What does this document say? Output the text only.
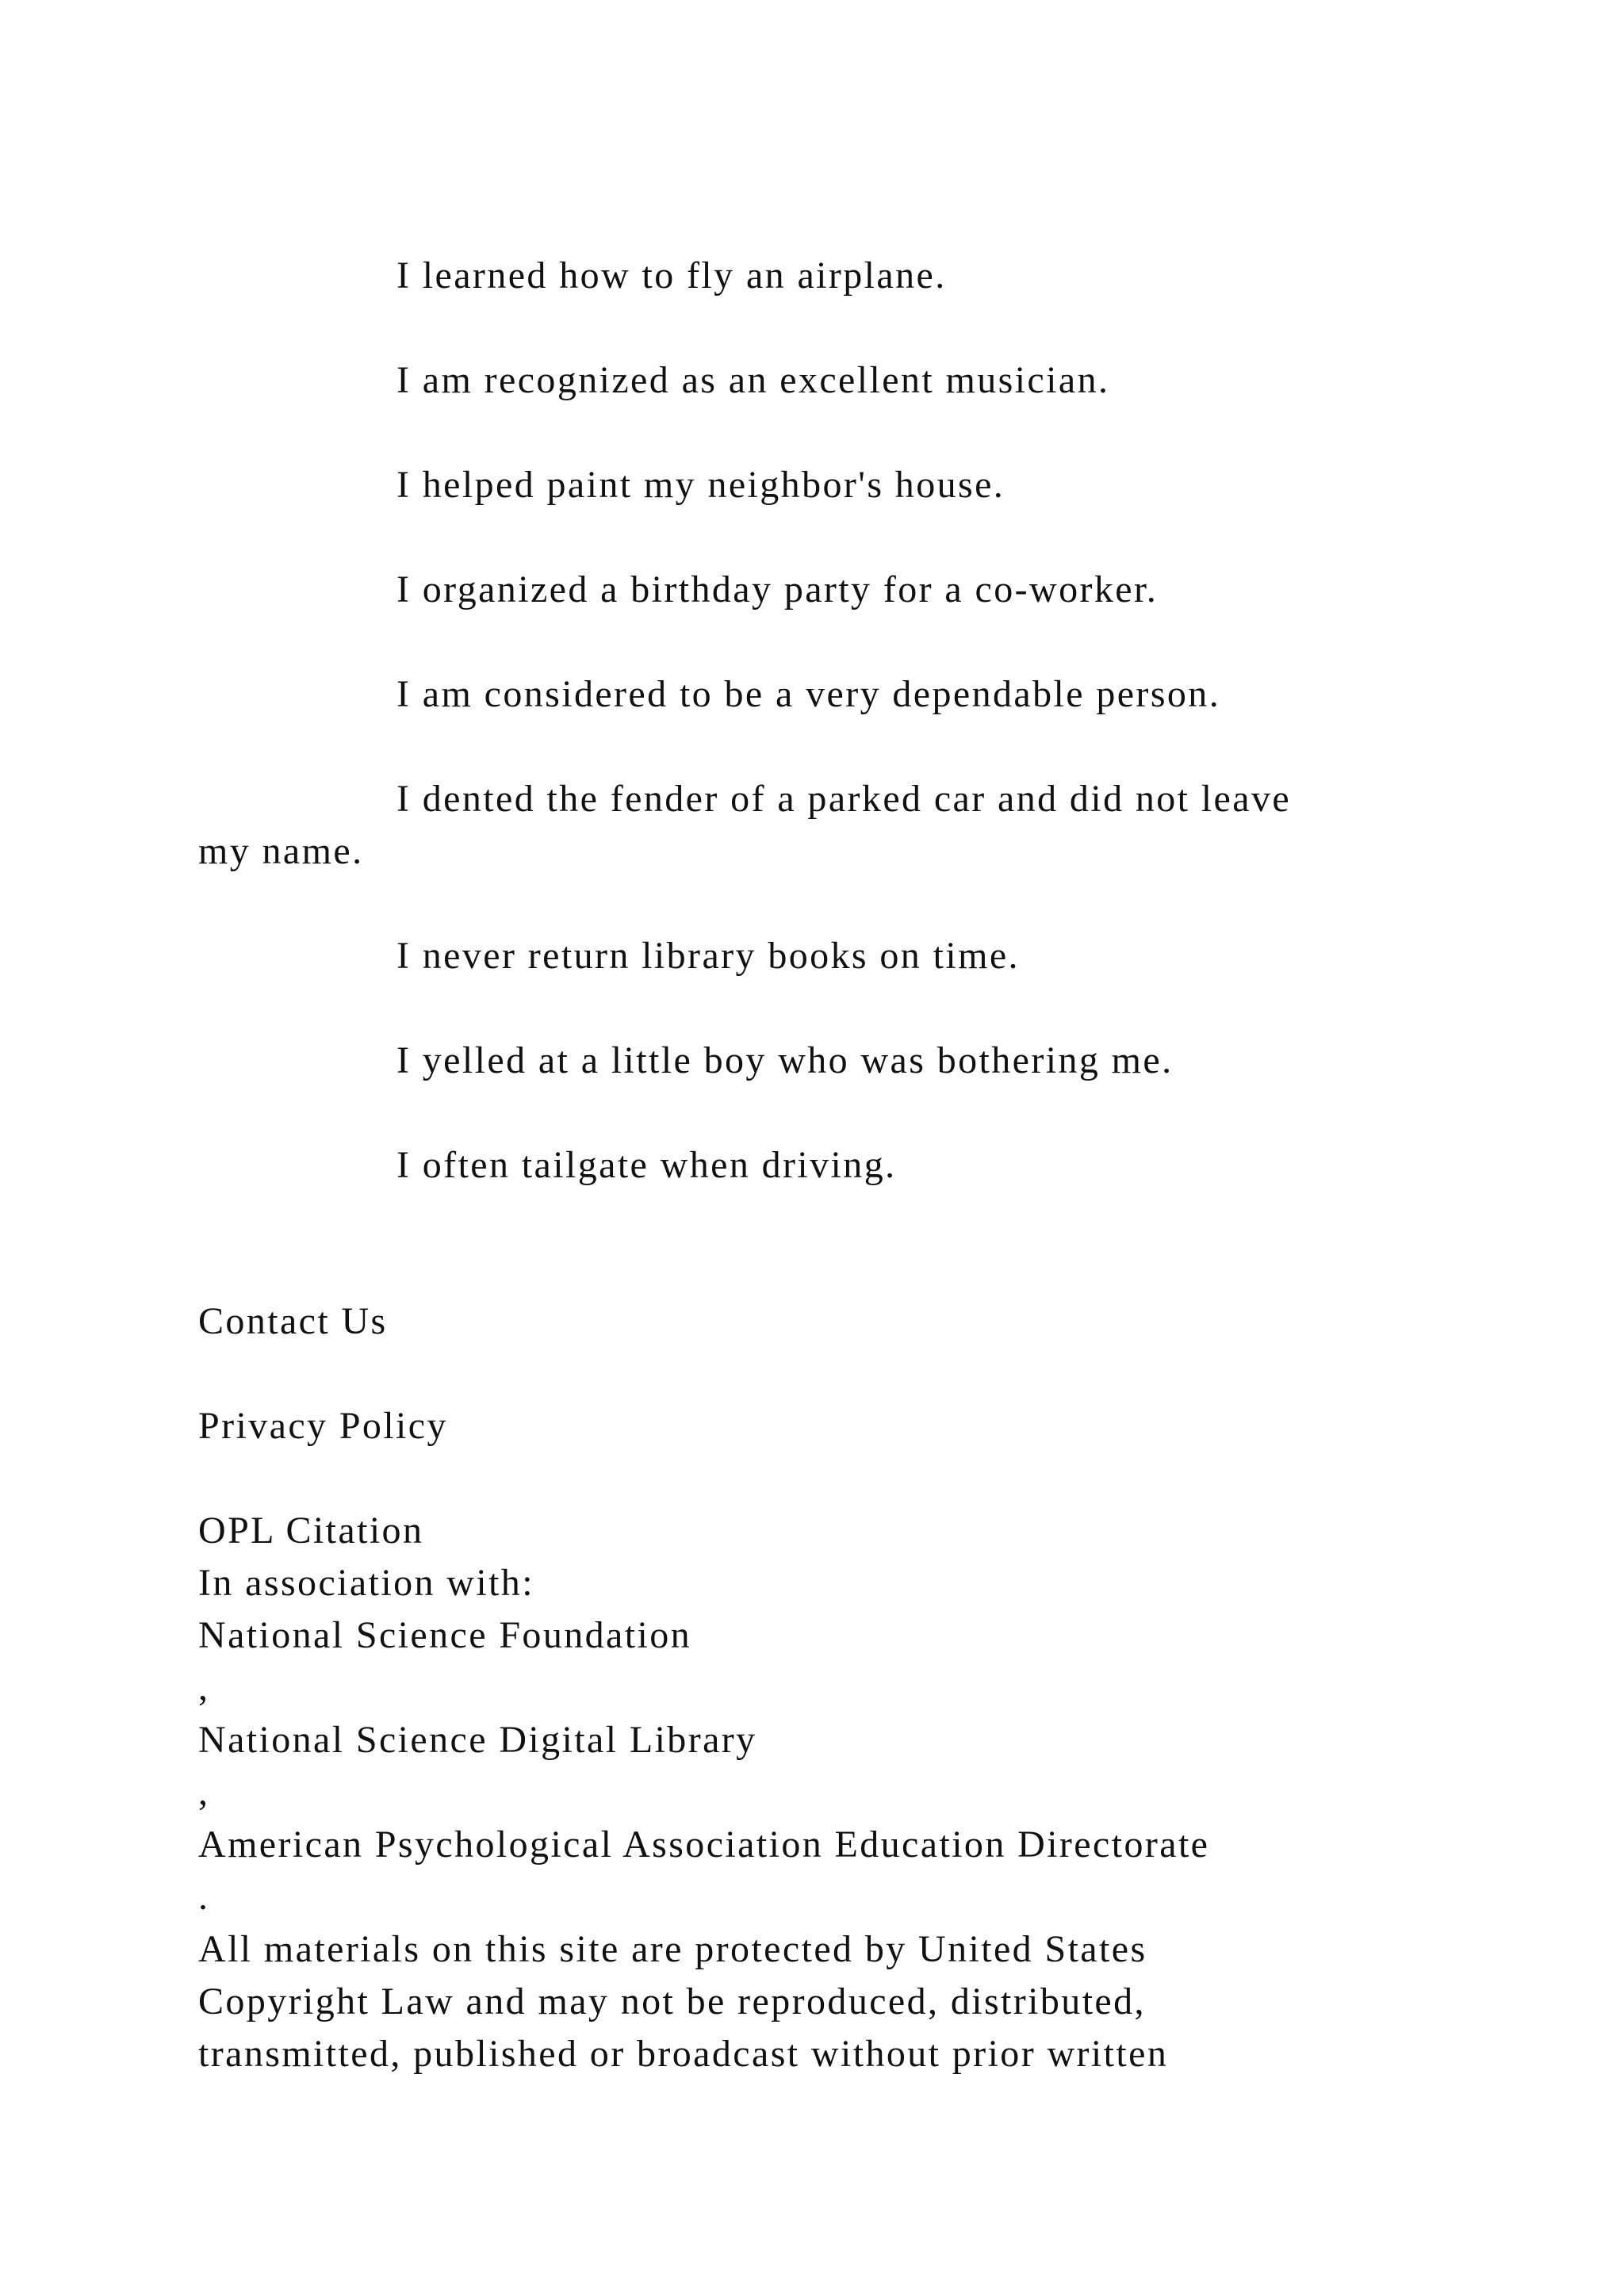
I learned how to fly an airplane.
I am recognized as an excellent musician.
I helped paint my neighbor's house.
I organized a birthday party for a co-worker.
I am considered to be a very dependable person.
I dented the fender of a parked car and did not leave
my name.
I never return library books on time.
I yelled at a little boy who was bothering me.
I often tailgate when driving.
Contact Us
Privacy Policy
OPL Citation
In association with:
National Science Foundation
,
National Science Digital Library
,
American Psychological Association Education Directorate
.
All materials on this site are protected by United States
Copyright Law and may not be reproduced, distributed,
transmitted, published or broadcast without prior written
